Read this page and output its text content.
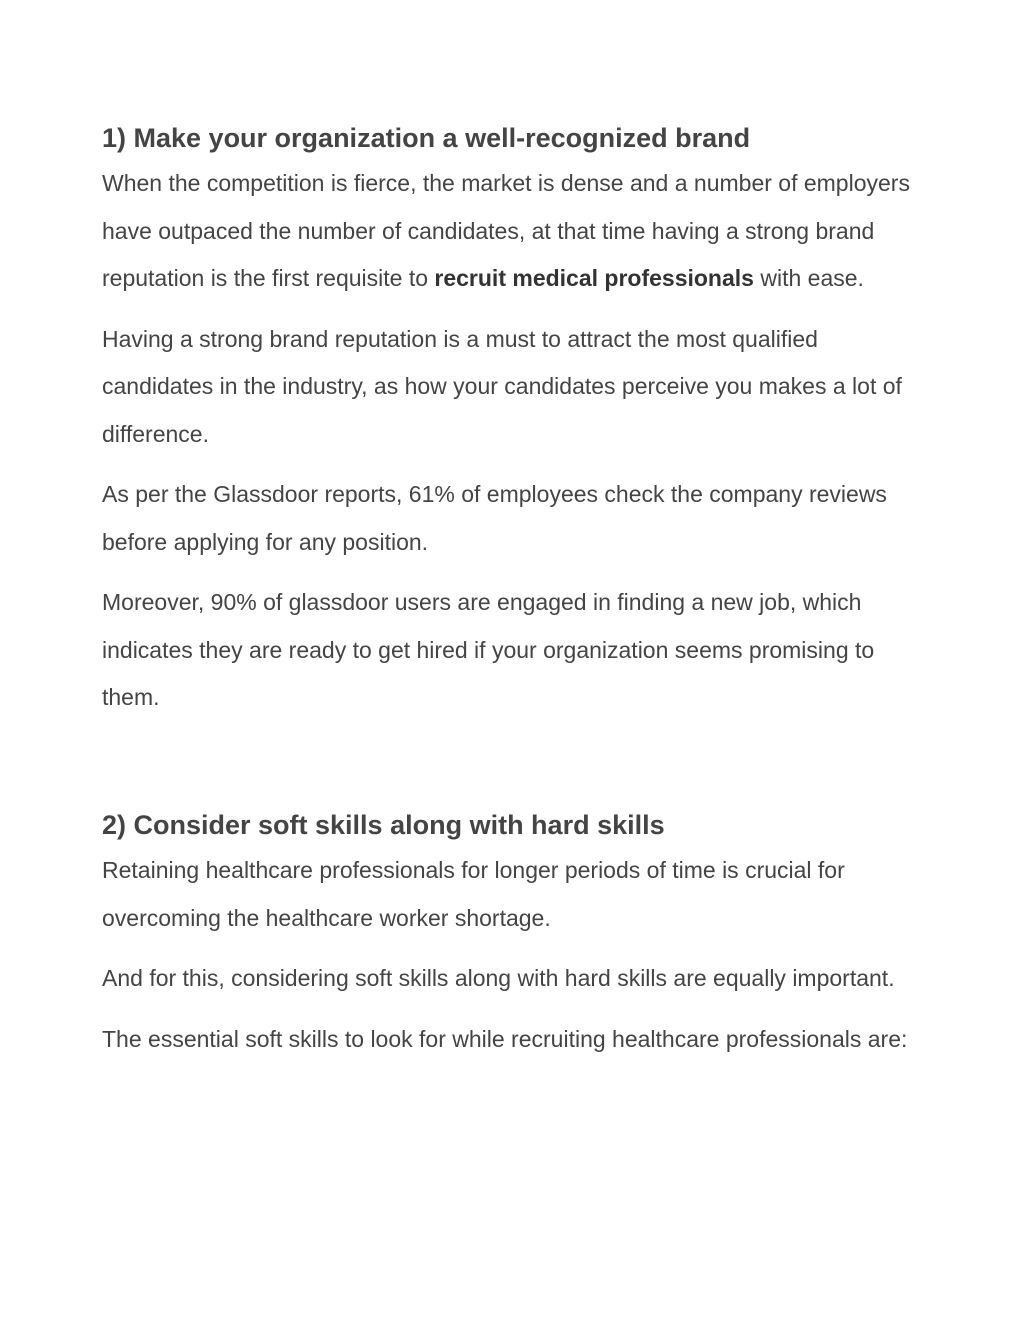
1) Make your organization a well-recognized brand

When the competition is fierce, the market is dense and a number of employers have outpaced the number of candidates, at that time having a strong brand reputation is the first requisite to recruit medical professionals with ease.

Having a strong brand reputation is a must to attract the most qualified candidates in the industry, as how your candidates perceive you makes a lot of difference.

As per the Glassdoor reports, 61% of employees check the company reviews before applying for any position.

Moreover, 90% of glassdoor users are engaged in finding a new job, which indicates they are ready to get hired if your organization seems promising to them.

2) Consider soft skills along with hard skills

Retaining healthcare professionals for longer periods of time is crucial for overcoming the healthcare worker shortage.

And for this, considering soft skills along with hard skills are equally important.

The essential soft skills to look for while recruiting healthcare professionals are:
